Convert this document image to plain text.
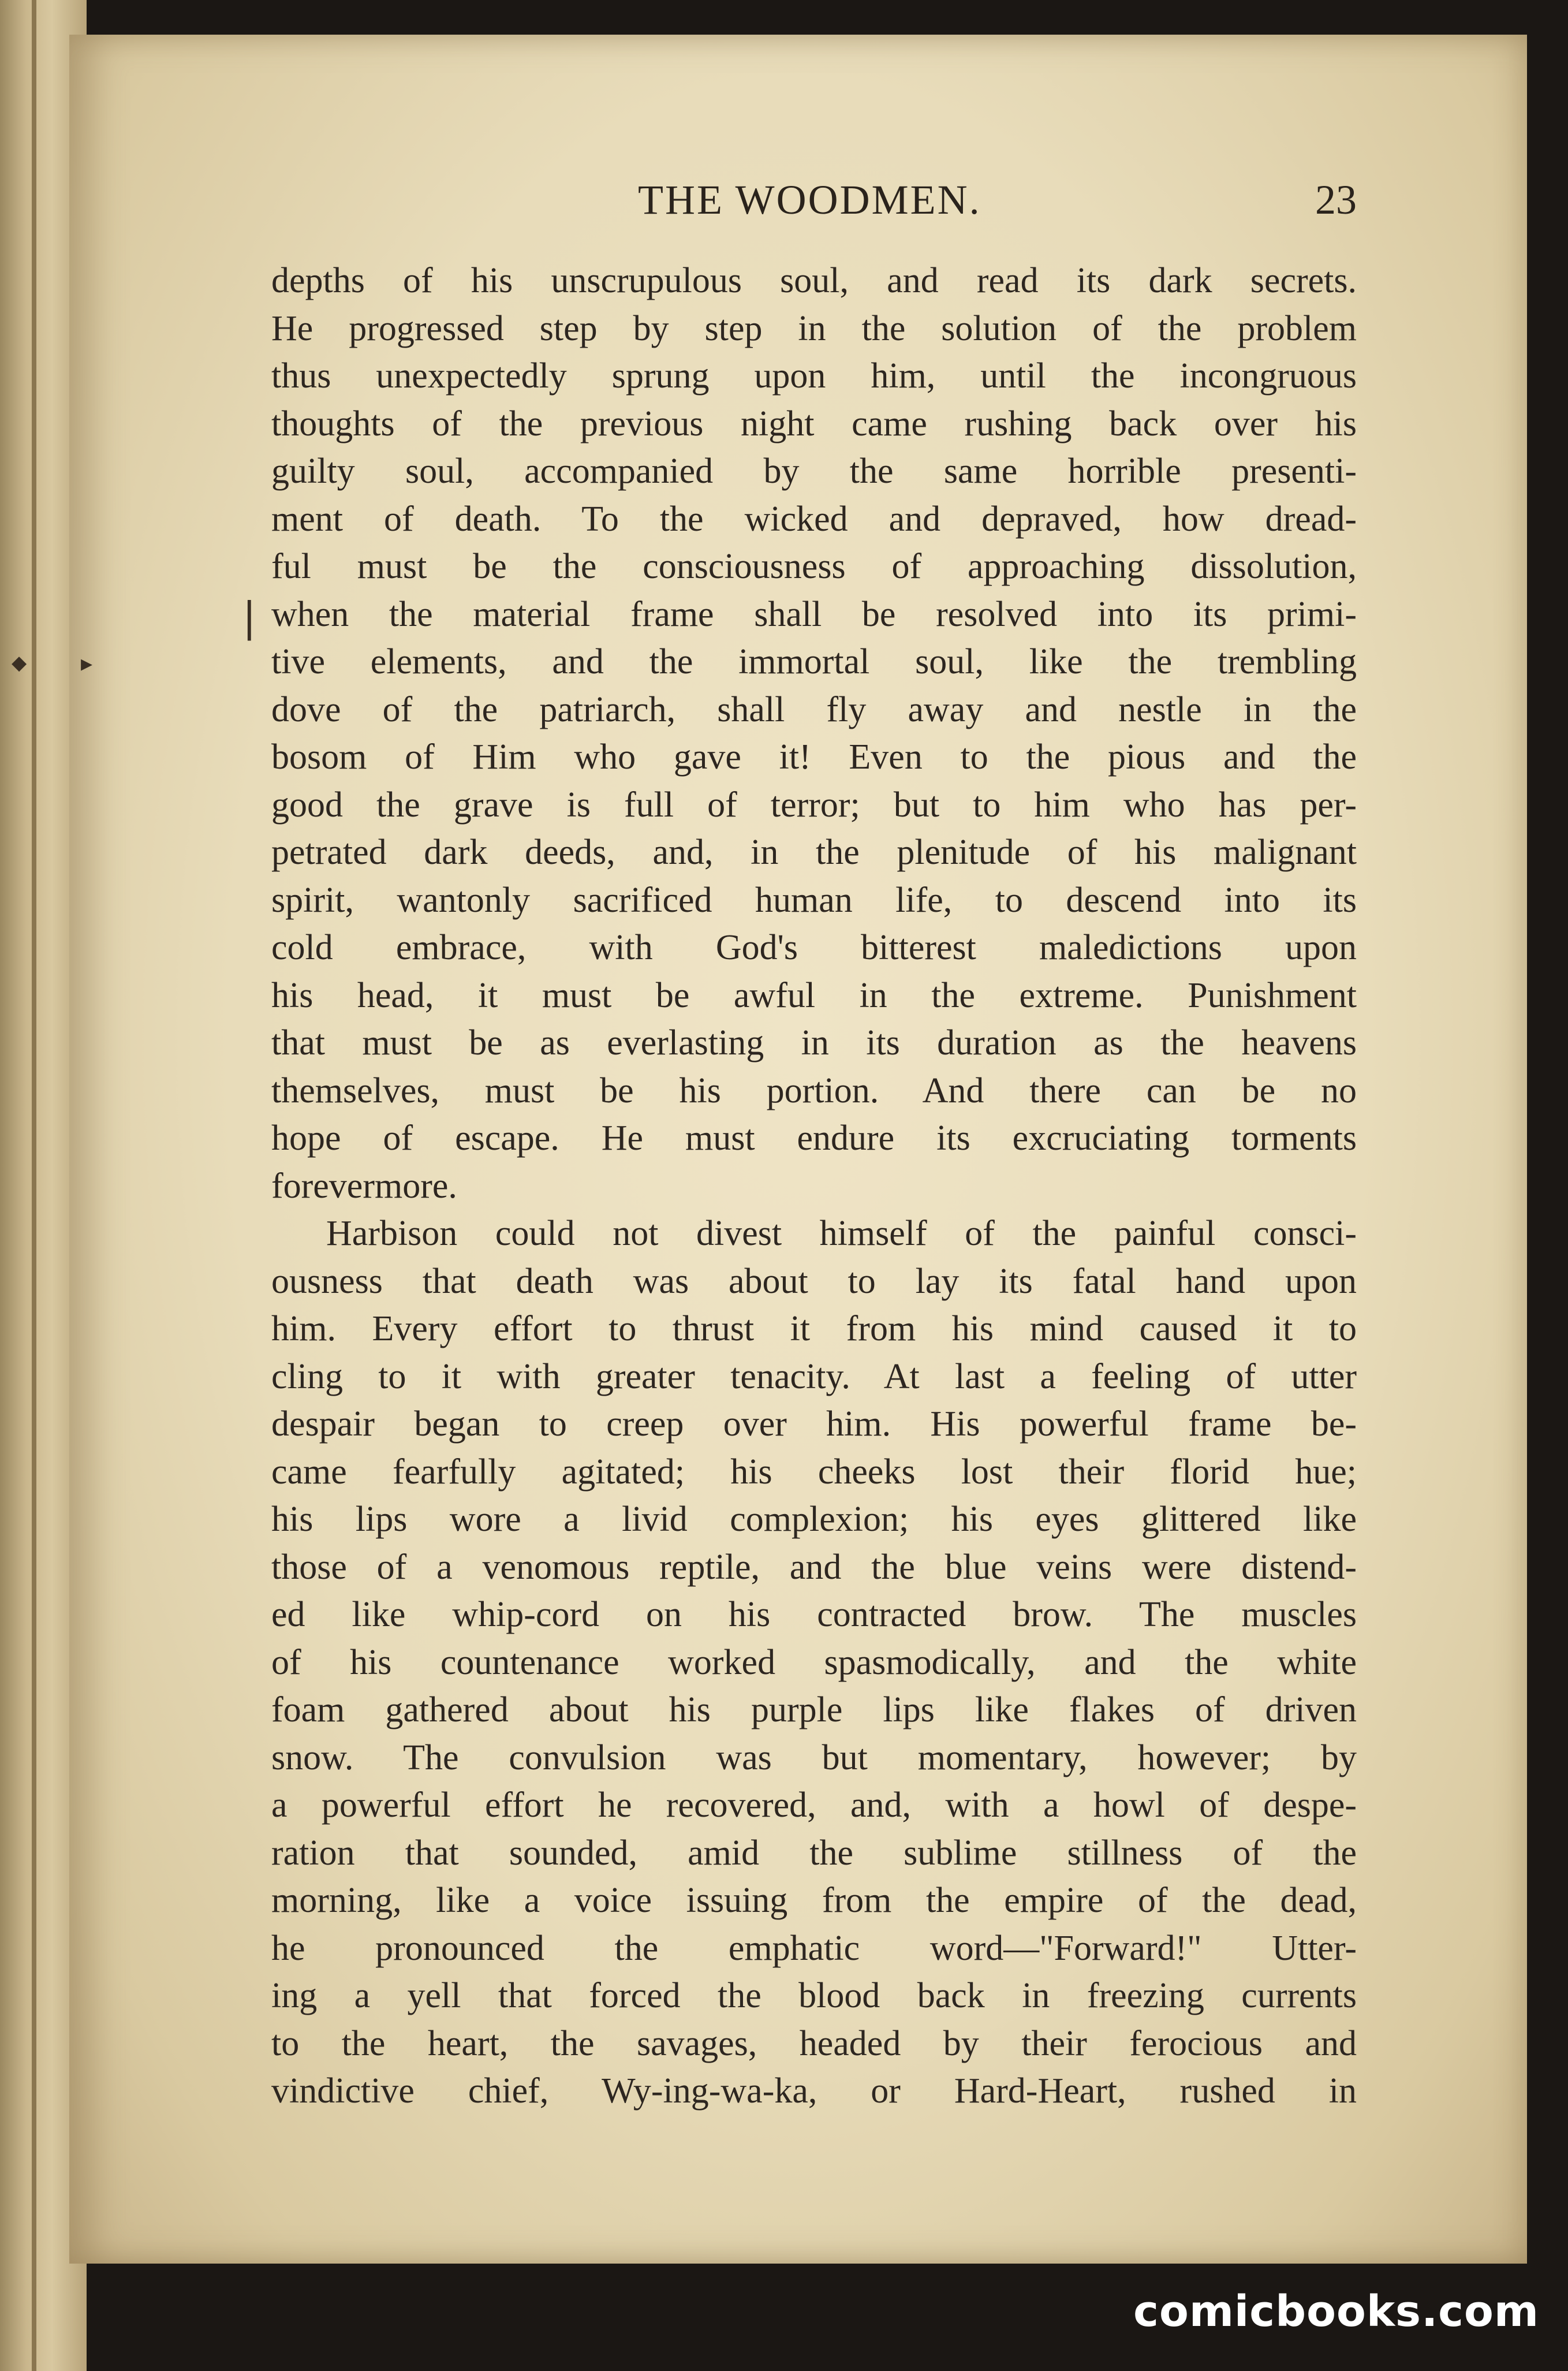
THE WOODMEN.	23
|
◆ ▸
depths of his unscrupulous soul, and read its dark secrets.
He progressed step by step in the solution of the problem
thus unexpectedly sprung upon him, until the incongruous
thoughts of the previous night came rushing back over his
guilty soul, accompanied by the same horrible presenti-
ment of death. To the wicked and depraved, how dread-
ful must be the consciousness of approaching dissolution,
when the material frame shall be resolved into its primi-
tive elements, and the immortal soul, like the trembling
dove of the patriarch, shall fly away and nestle in the
bosom of Him who gave it! Even to the pious and the
good the grave is full of terror; but to him who has per-
petrated dark deeds, and, in the plenitude of his malignant
spirit, wantonly sacrificed human life, to descend into its
cold embrace, with God's bitterest maledictions upon
his head, it must be awful in the extreme. Punishment
that must be as everlasting in its duration as the heavens
themselves, must be his portion. And there can be no
hope of escape. He must endure its excruciating torments
forevermore.
Harbison could not divest himself of the painful consci-
ousness that death was about to lay its fatal hand upon
him. Every effort to thrust it from his mind caused it to
cling to it with greater tenacity. At last a feeling of utter
despair began to creep over him. His powerful frame be-
came fearfully agitated; his cheeks lost their florid hue;
his lips wore a livid complexion; his eyes glittered like
those of a venomous reptile, and the blue veins were distend-
ed like whip-cord on his contracted brow. The muscles
of his countenance worked spasmodically, and the white
foam gathered about his purple lips like flakes of driven
snow. The convulsion was but momentary, however; by
a powerful effort he recovered, and, with a howl of despe-
ration that sounded, amid the sublime stillness of the
morning, like a voice issuing from the empire of the dead,
he pronounced the emphatic word—"Forward!" Utter-
ing a yell that forced the blood back in freezing currents
to the heart, the savages, headed by their ferocious and
vindictive chief, Wy-ing-wa-ka, or Hard-Heart, rushed in
comicbooks.com
